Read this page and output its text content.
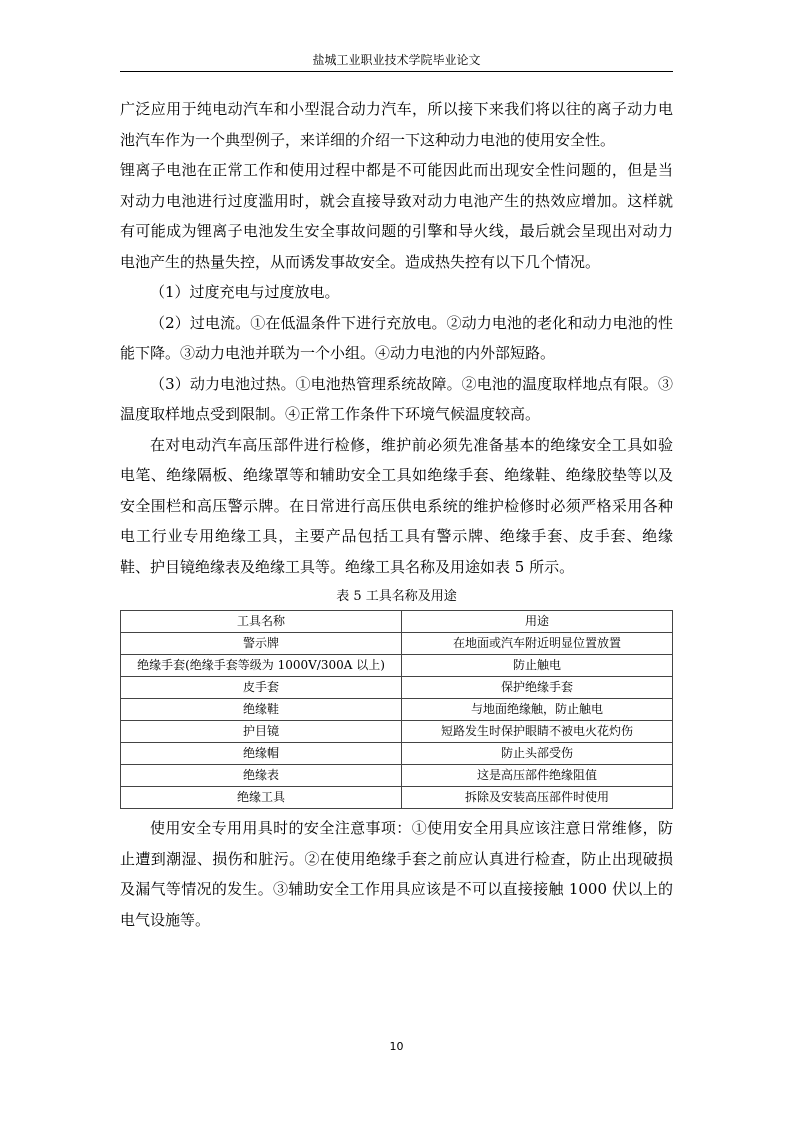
盐城工业职业技术学院毕业论文

广泛应用于纯电动汽车和小型混合动力汽车，所以接下来我们将以往的离子动力电池汽车作为一个典型例子，来详细的介绍一下这种动力电池的使用安全性。

锂离子电池在正常工作和使用过程中都是不可能因此而出现安全性问题的，但是当对动力电池进行过度滥用时，就会直接导致对动力电池产生的热效应增加。这样就有可能成为锂离子电池发生安全事故问题的引擎和导火线，最后就会呈现出对动力电池产生的热量失控，从而诱发事故安全。造成热失控有以下几个情况。

（1）过度充电与过度放电。

（2）过电流。①在低温条件下进行充放电。②动力电池的老化和动力电池的性能下降。③动力电池并联为一个小组。④动力电池的内外部短路。

（3）动力电池过热。①电池热管理系统故障。②电池的温度取样地点有限。③温度取样地点受到限制。④正常工作条件下环境气候温度较高。

在对电动汽车高压部件进行检修，维护前必须先准备基本的绝缘安全工具如验电笔、绝缘隔板、绝缘罩等和辅助安全工具如绝缘手套、绝缘鞋、绝缘胶垫等以及安全围栏和高压警示牌。在日常进行高压供电系统的维护检修时必须严格采用各种电工行业专用绝缘工具，主要产品包括工具有警示牌、绝缘手套、皮手套、绝缘鞋、护目镜绝缘表及绝缘工具等。绝缘工具名称及用途如表 5 所示。

表 5 工具名称及用途
工具名称	用途
警示牌	在地面或汽车附近明显位置放置
绝缘手套(绝缘手套等级为 1000V/300A 以上)	防止触电
皮手套	保护绝缘手套
绝缘鞋	与地面绝缘触，防止触电
护目镜	短路发生时保护眼睛不被电火花灼伤
绝缘帽	防止头部受伤
绝缘表	这是高压部件绝缘阻值
绝缘工具	拆除及安装高压部件时使用

使用安全专用用具时的安全注意事项：①使用安全用具应该注意日常维修，防止遭到潮湿、损伤和脏污。②在使用绝缘手套之前应认真进行检查，防止出现破损及漏气等情况的发生。③辅助安全工作用具应该是不可以直接接触 1000 伏以上的电气设施等。

10
